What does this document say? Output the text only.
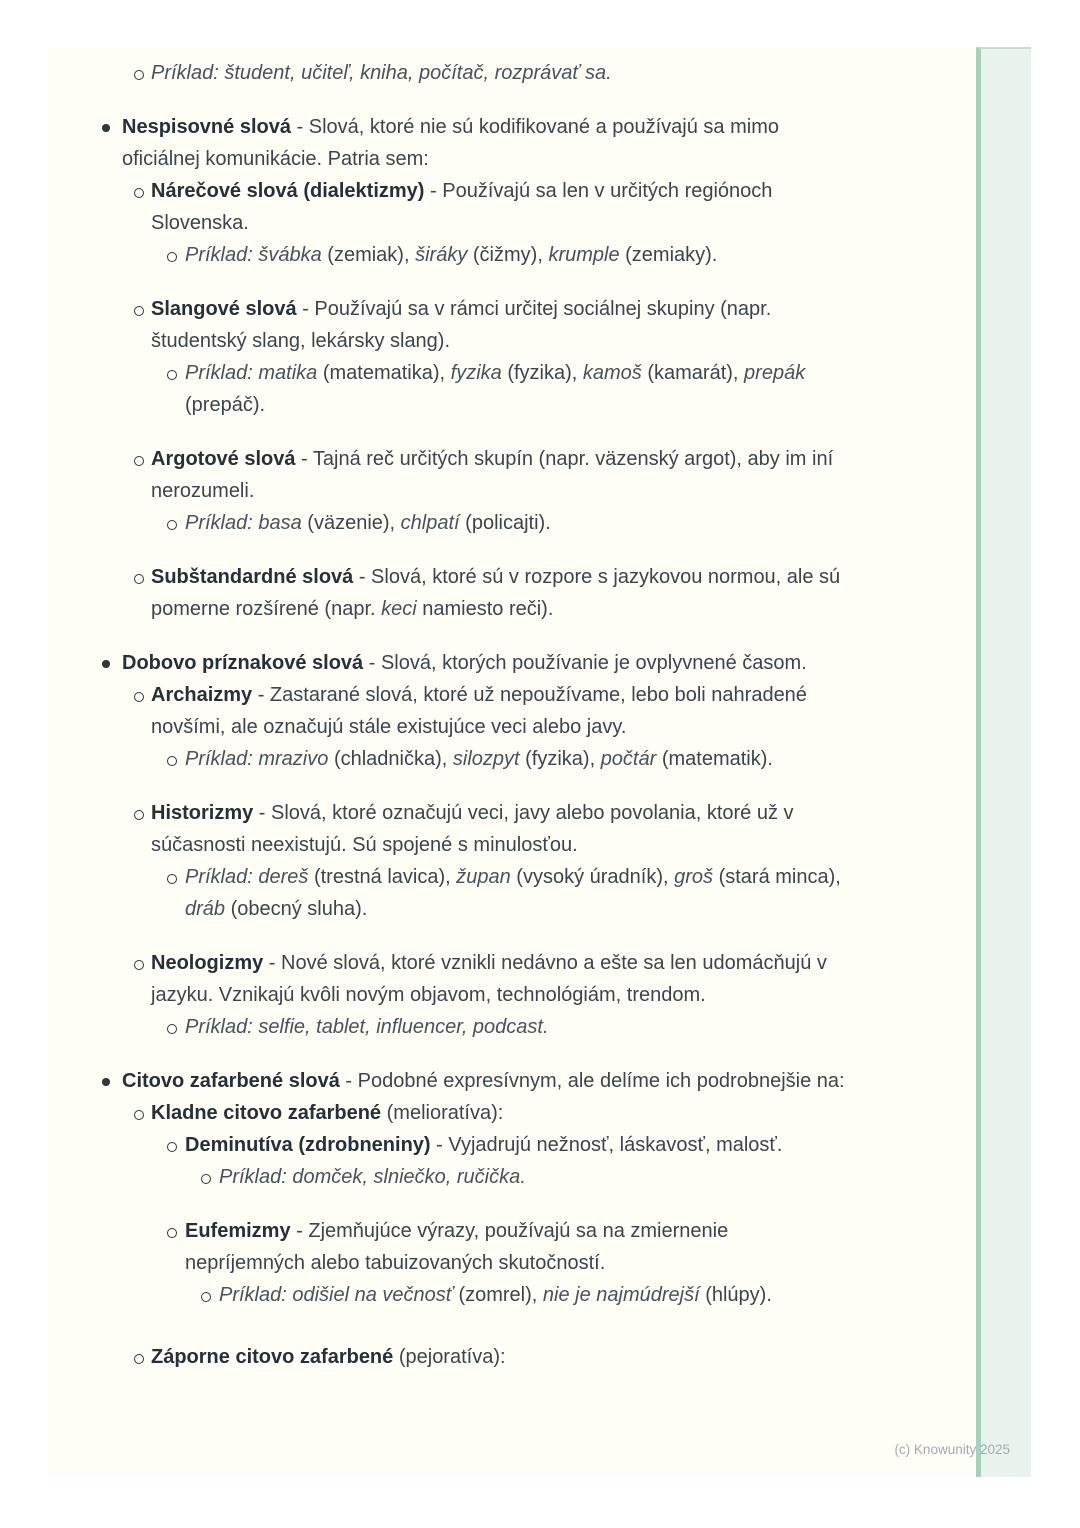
Príklad: študent, učiteľ, kniha, počítač, rozprávať sa.
Nespisovné slová - Slová, ktoré nie sú kodifikované a používajú sa mimo oficiálnej komunikácie. Patria sem:
Nárečové slová (dialektizmy) - Používajú sa len v určitých regiónoch Slovenska.
Príklad: švábka (zemiak), širáky (čižmy), krumple (zemiaky).
Slangové slová - Používajú sa v rámci určitej sociálnej skupiny (napr. študentský slang, lekársky slang).
Príklad: matika (matematika), fyzika (fyzika), kamoš (kamarát), prepák (prepáč).
Argotové slová - Tajná reč určitých skupín (napr. väzenský argot), aby im iní nerozumeli.
Príklad: basa (väzenie), chlpatí (policajti).
Subštandardné slová - Slová, ktoré sú v rozpore s jazykovou normou, ale sú pomerne rozšírené (napr. keci namiesto reči).
Dobovo príznakové slová - Slová, ktorých používanie je ovplyvnené časom.
Archaizmy - Zastarané slová, ktoré už nepoužívame, lebo boli nahradené novšími, ale označujú stále existujúce veci alebo javy.
Príklad: mrazivo (chladnička), silozpyt (fyzika), počtár (matematik).
Historizmy - Slová, ktoré označujú veci, javy alebo povolania, ktoré už v súčasnosti neexistujú. Sú spojené s minulosťou.
Príklad: dereš (trestná lavica), župan (vysoký úradník), groš (stará minca), dráb (obecný sluha).
Neologizmy - Nové slová, ktoré vznikli nedávno a ešte sa len udomácňujú v jazyku. Vznikajú kvôli novým objavom, technológiám, trendom.
Príklad: selfie, tablet, influencer, podcast.
Citovo zafarbené slová - Podobné expresívnym, ale delíme ich podrobnejšie na:
Kladne citovo zafarbené (melioratíva):
Deminutíva (zdrobneniny) - Vyjadrujú nežnosť, láskavosť, malosť.
Príklad: domček, slniečko, ručička.
Eufemizmy - Zjemňujúce výrazy, používajú sa na zmiernenie nepríjemných alebo tabuizovaných skutočností.
Príklad: odišiel na večnosť (zomrel), nie je najmúdrejší (hlúpy).
Záporne citovo zafarbené (pejoratíva):
(c) Knowunity 2025
